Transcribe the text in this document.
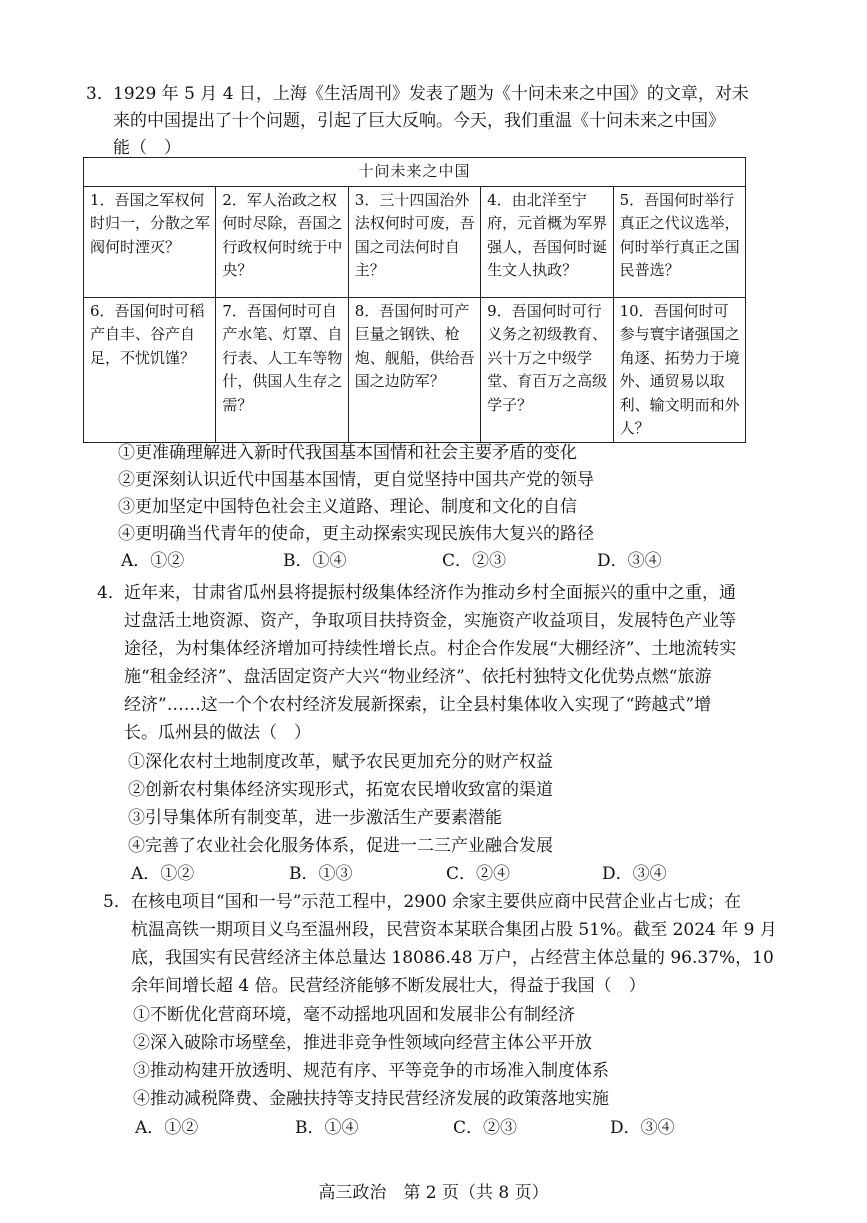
3． 1929 年 5 月 4 日，上海《生活周刊》发表了题为《十问未来之中国》的文章，对未
来的中国提出了十个问题，引起了巨大反响。今天，我们重温《十问未来之中国》
能（　）
十问未来之中国				
1．吾国之军权何时归一，分散之军阀何时湮灭？	2．军人治政之权何时尽除，吾国之行政权何时统于中央？	3．三十四国治外法权何时可废，吾国之司法何时自主？	4．由北洋至宁府，元首概为军界强人，吾国何时诞生文人执政？	5．吾国何时举行真正之代议选举，何时举行真正之国民普选？
6．吾国何时可稻产自丰、谷产自足，不忧饥馑？	7．吾国何时可自产水笔、灯罩、自行表、人工车等物什，供国人生存之需？	8．吾国何时可产巨量之钢铁、枪炮、舰船，供给吾国之边防军？	9．吾国何时可行义务之初级教育、兴十万之中级学堂、育百万之高级学子？	10．吾国何时可参与寰宇诸强国之角逐、拓势力于境外、通贸易以取利、输文明而和外人？
①更准确理解进入新时代我国基本国情和社会主要矛盾的变化
②更深刻认识近代中国基本国情，更自觉坚持中国共产党的领导
③更加坚定中国特色社会主义道路、理论、制度和文化的自信
④更明确当代青年的使命，更主动探索实现民族伟大复兴的路径
A．①②	B．①④	C．②③	D．③④
4． 近年来，甘肃省瓜州县将提振村级集体经济作为推动乡村全面振兴的重中之重，通
过盘活土地资源、资产，争取项目扶持资金，实施资产收益项目，发展特色产业等
途径，为村集体经济增加可持续性增长点。村企合作发展“大棚经济”、土地流转实
施“租金经济”、盘活固定资产大兴“物业经济”、依托村独特文化优势点燃“旅游
经济”……这一个个农村经济发展新探索，让全县村集体收入实现了“跨越式”增
长。瓜州县的做法（　）
①深化农村土地制度改革，赋予农民更加充分的财产权益
②创新农村集体经济实现形式，拓宽农民增收致富的渠道
③引导集体所有制变革，进一步激活生产要素潜能
④完善了农业社会化服务体系，促进一二三产业融合发展
A．①②	B．①③	C．②④	D．③④
5． 在核电项目“国和一号”示范工程中，2900 余家主要供应商中民营企业占七成；在
杭温高铁一期项目义乌至温州段，民营资本某联合集团占股 51%。截至 2024 年 9 月
底，我国实有民营经济主体总量达 18086.48 万户，占经营主体总量的 96.37%，10
余年间增长超 4 倍。民营经济能够不断发展壮大，得益于我国（　）
①不断优化营商环境，毫不动摇地巩固和发展非公有制经济
②深入破除市场壁垒，推进非竞争性领域向经营主体公平开放
③推动构建开放透明、规范有序、平等竞争的市场准入制度体系
④推动减税降费、金融扶持等支持民营经济发展的政策落地实施
A．①②	B．①④	C．②③	D．③④
高三政治　第 2 页（共 8 页）
